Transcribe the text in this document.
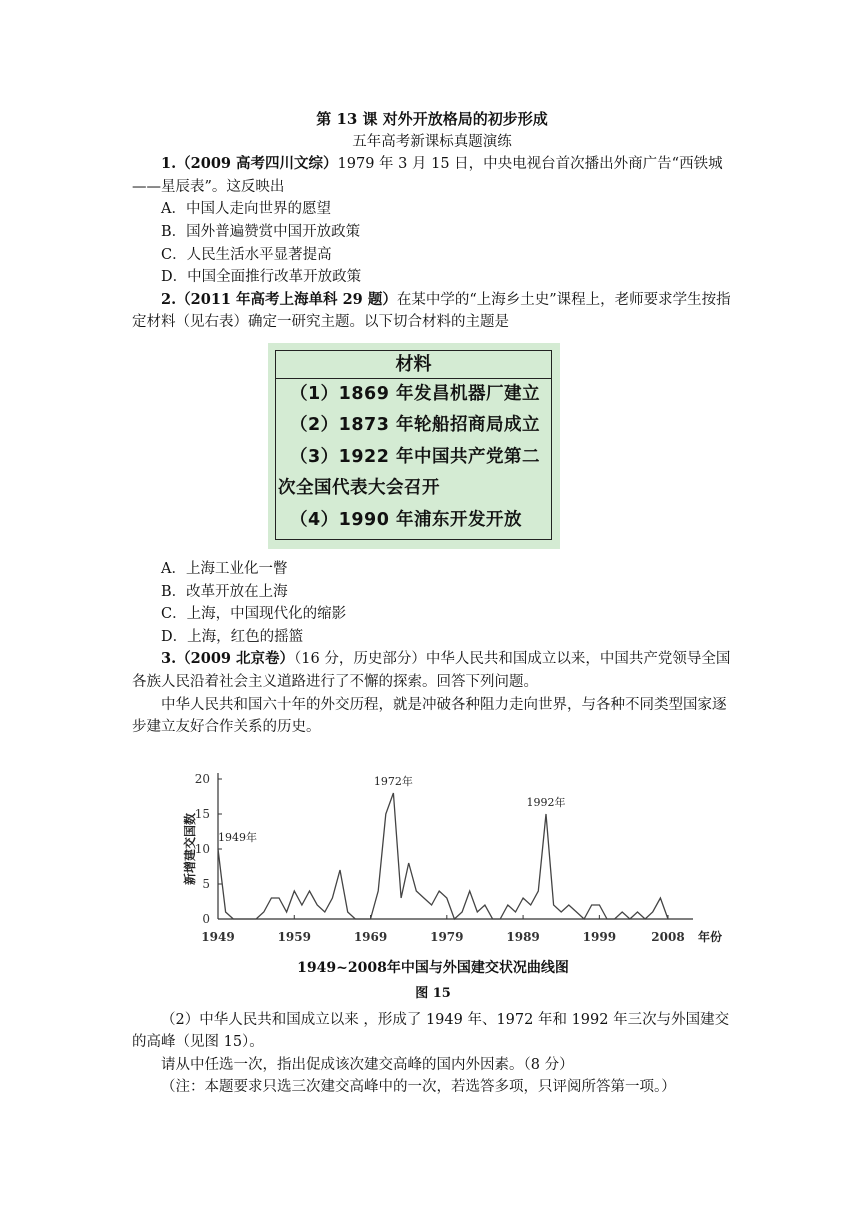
第 13 课 对外开放格局的初步形成

五年高考新课标真题演练

1.（2009 高考四川文综）1979 年 3 月 15 日，中央电视台首次播出外商广告“西铁城——星辰表”。这反映出

A．中国人走向世界的愿望

B．国外普遍赞赏中国开放政策

C．人民生活水平显著提高

D．中国全面推行改革开放政策

2.（2011 年高考上海单科 29 题）在某中学的“上海乡土史”课程上，老师要求学生按指定材料（见右表）确定一研究主题。以下切合材料的主题是

材料
（1）1869 年发昌机器厂建立
（2）1873 年轮船招商局成立
（3）1922 年中国共产党第二
次全国代表大会召开
（4）1990 年浦东开发开放

A．上海工业化一瞥

B．改革开放在上海

C．上海，中国现代化的缩影

D．上海，红色的摇篮

3.（2009 北京卷）（16 分，历史部分）中华人民共和国成立以来，中国共产党领导全国各族人民沿着社会主义道路进行了不懈的探索。回答下列问题。

中华人民共和国六十年的外交历程，就是冲破各种阻力走向世界，与各种不同类型国家逐步建立友好合作关系的历史。

0
5
10
15
20
1949	1959	1969	1979	1989	1999	2008
新增建交国数
年份
1949年
1972年
1992年
1949~2008年中国与外国建交状况曲线图
图 15

（2）中华人民共和国成立以来 ，形成了 1949 年、1972 年和 1992 年三次与外国建交的高峰（见图 15）。

请从中任选一次，指出促成该次建交高峰的国内外因素。（8 分）

（注：本题要求只选三次建交高峰中的一次，若选答多项，只评阅所答第一项。）
